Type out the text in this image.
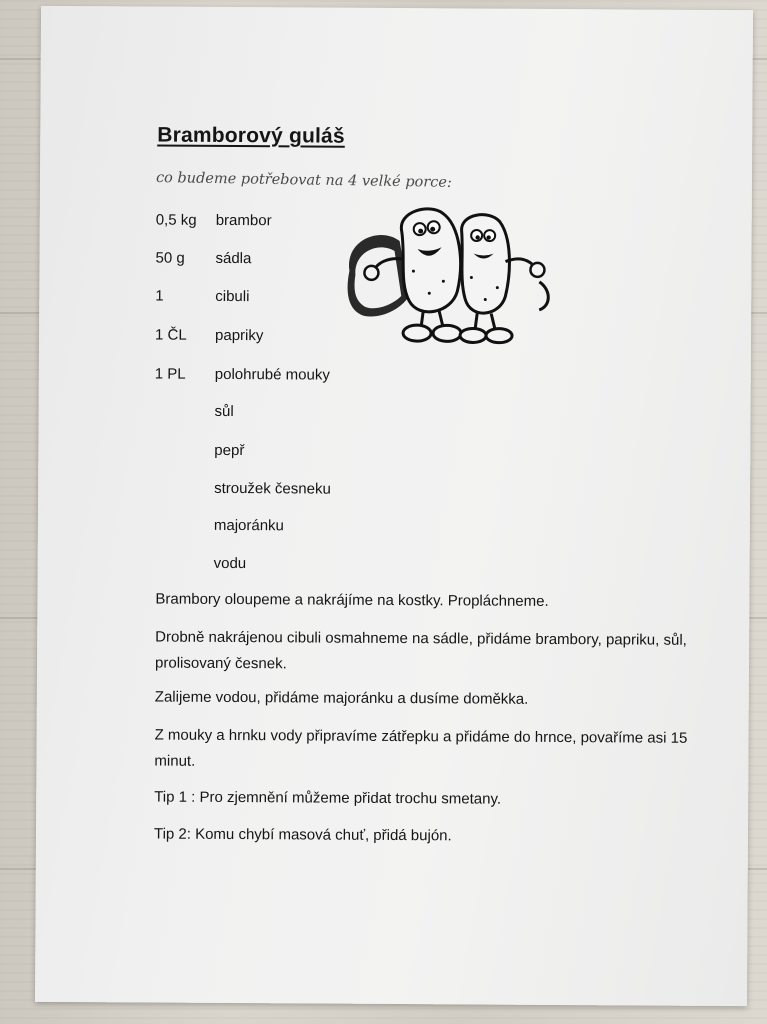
Bramborový guláš
co budeme potřebovat na 4 velké porce:
0,5 kg brambor
50 g sádla
1	cibuli
1 ČL papriky
1 PL polohrubé mouky
sůl
pepř
stroužek česneku
majoránku
vodu

Brambory oloupeme a nakrájíme na kostky. Propláchneme.

Drobně nakrájenou cibuli osmahneme na sádle, přidáme brambory, papriku, sůl, prolisovaný česnek.

Zalijeme vodou, přidáme majoránku a dusíme doměkka.

Z mouky a hrnku vody připravíme zátřepku a přidáme do hrnce, povaříme asi 15 minut.

Tip 1 : Pro zjemnění můžeme přidat trochu smetany.

Tip 2: Komu chybí masová chuť, přidá bujón.
